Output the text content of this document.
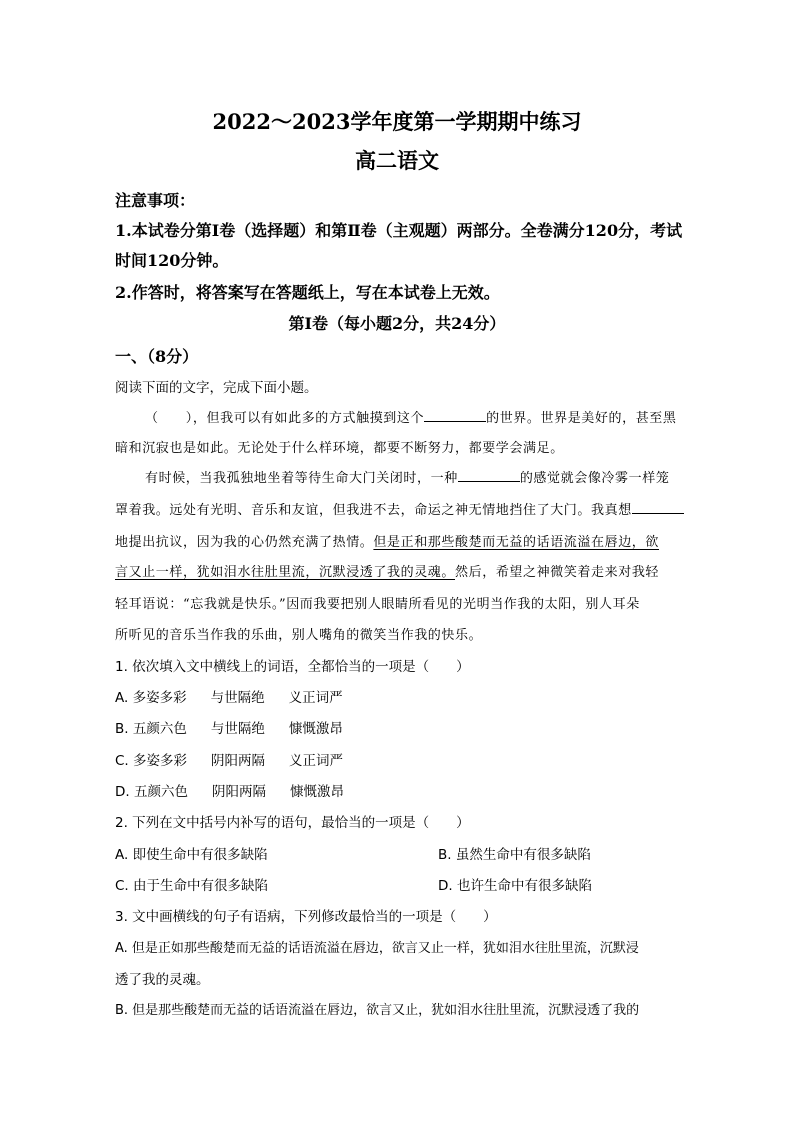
2022～2023学年度第一学期期中练习
高二语文
注意事项：
1.本试卷分第Ⅰ卷（选择题）和第Ⅱ卷（主观题）两部分。全卷满分120分，考试
时间120分钟。
2.作答时，将答案写在答题纸上，写在本试卷上无效。
第Ⅰ卷（每小题2分，共24分）
一、（8分）
阅读下面的文字，完成下面小题。
（　　），但我可以有如此多的方式触摸到这个	的世界。世界是美好的，甚至黑
暗和沉寂也是如此。无论处于什么样环境，都要不断努力，都要学会满足。
有时候，当我孤独地坐着等待生命大门关闭时，一种	的感觉就会像冷雾一样笼
罩着我。远处有光明、音乐和友谊，但我进不去，命运之神无情地挡住了大门。我真想
地提出抗议，因为我的心仍然充满了热情。但是正和那些酸楚而无益的话语流溢在唇边，欲
言又止一样，犹如泪水往肚里流，沉默浸透了我的灵魂。然后，希望之神微笑着走来对我轻
轻耳语说：“忘我就是快乐。”因而我要把别人眼睛所看见的光明当作我的太阳，别人耳朵
所听见的音乐当作我的乐曲，别人嘴角的微笑当作我的快乐。
1. 依次填入文中横线上的词语，全都恰当的一项是（　　）
A. 多姿多彩 与世隔绝 义正词严
B. 五颜六色 与世隔绝 慷慨激昂
C. 多姿多彩 阴阳两隔 义正词严
D. 五颜六色 阴阳两隔 慷慨激昂
2. 下列在文中括号内补写的语句，最恰当的一项是（　　）
A. 即使生命中有很多缺陷	B. 虽然生命中有很多缺陷
C. 由于生命中有很多缺陷	D. 也许生命中有很多缺陷
3. 文中画横线的句子有语病，下列修改最恰当的一项是（　　）
A. 但是正如那些酸楚而无益的话语流溢在唇边，欲言又止一样，犹如泪水往肚里流，沉默浸
透了我的灵魂。
B. 但是那些酸楚而无益的话语流溢在唇边，欲言又止，犹如泪水往肚里流，沉默浸透了我的
